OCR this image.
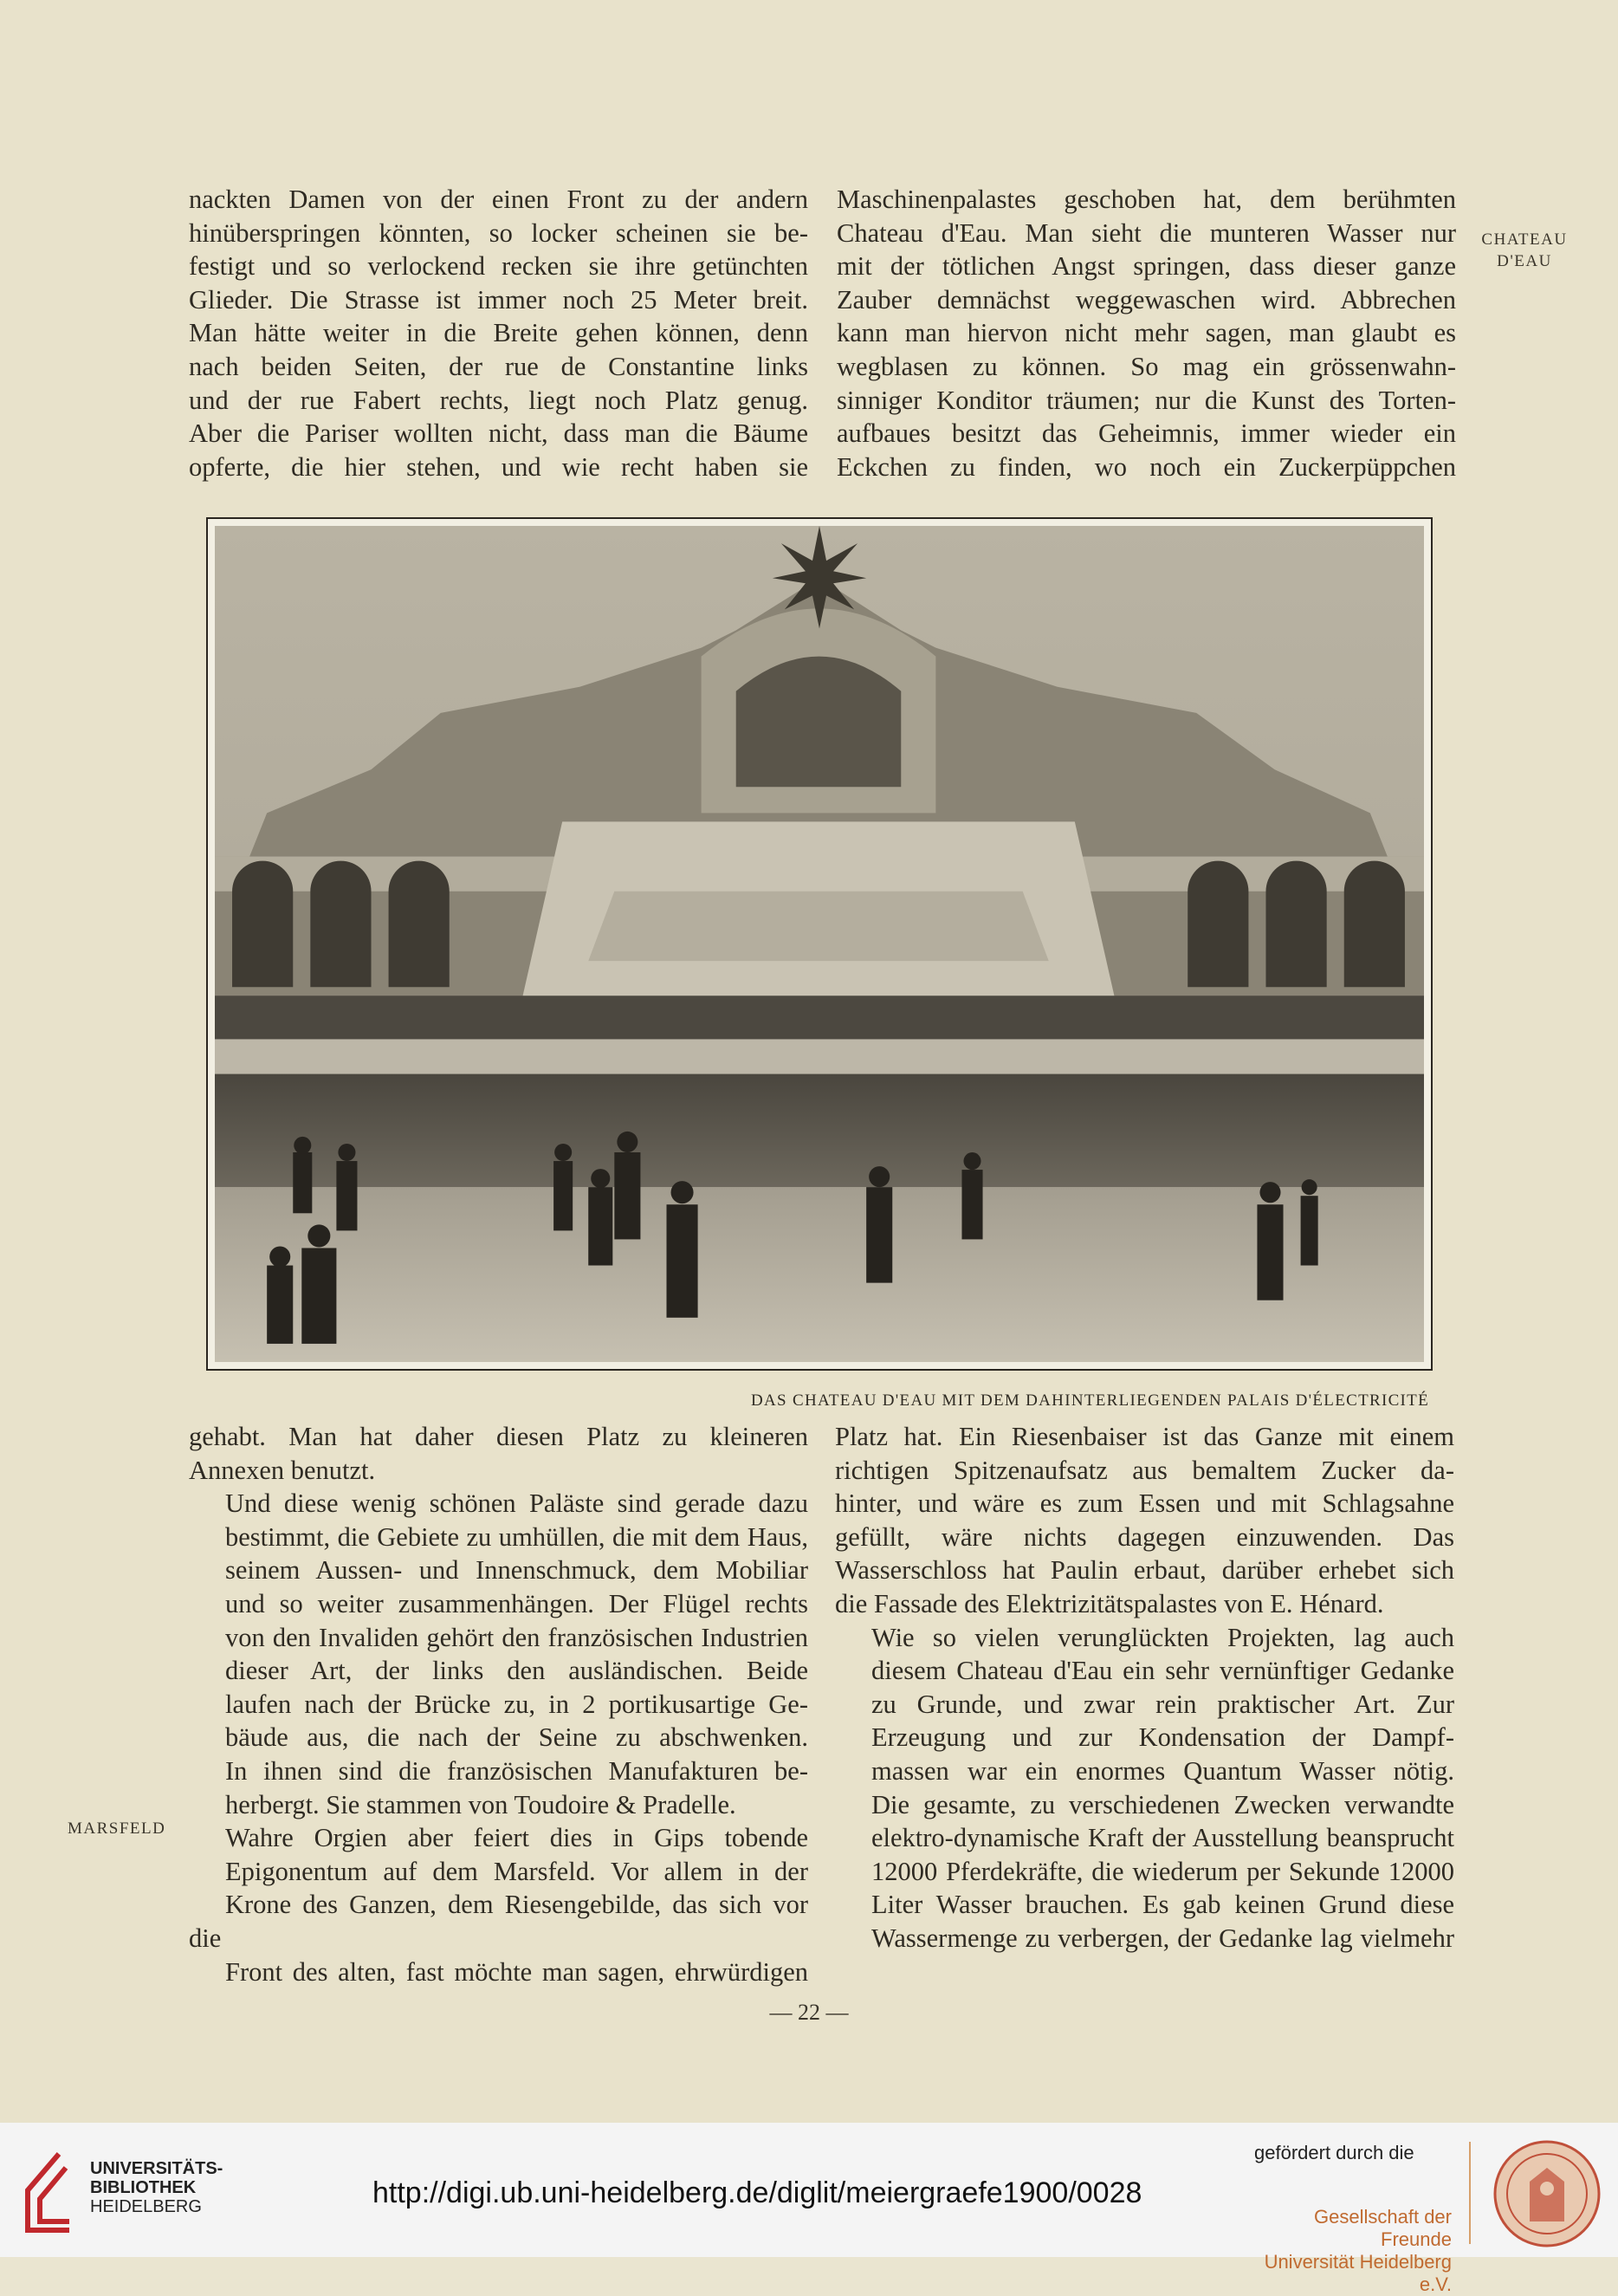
nackten Damen von der einen Front zu der andern
hinüberspringen könnten, so locker scheinen sie be-
festigt und so verlockend recken sie ihre getünchten
Glieder. Die Strasse ist immer noch 25 Meter breit.
Man hätte weiter in die Breite gehen können, denn
nach beiden Seiten, der rue de Constantine links
und der rue Fabert rechts, liegt noch Platz genug.
Aber die Pariser wollten nicht, dass man die Bäume
opferte, die hier stehen, und wie recht haben sie
Maschinenpalastes geschoben hat, dem berühmten
Chateau d'Eau. Man sieht die munteren Wasser nur
mit der tötlichen Angst springen, dass dieser ganze
Zauber demnächst weggewaschen wird. Abbrechen
kann man hiervon nicht mehr sagen, man glaubt es
wegblasen zu können. So mag ein grössenwahn-
sinniger Konditor träumen; nur die Kunst des Torten-
aufbaues besitzt das Geheimnis, immer wieder ein
Eckchen zu finden, wo noch ein Zuckerpüppchen
CHATEAU
D'EAU
DAS CHATEAU D'EAU MIT DEM DAHINTERLIEGENDEN PALAIS D'ÉLECTRICITÉ

gehabt. Man hat daher diesen Platz zu kleineren
Annexen benutzt.

Und diese wenig schönen Paläste sind gerade dazu
bestimmt, die Gebiete zu umhüllen, die mit dem Haus,
seinem Aussen- und Innenschmuck, dem Mobiliar
und so weiter zusammenhängen. Der Flügel rechts
von den Invaliden gehört den französischen Industrien
dieser Art, der links den ausländischen. Beide
laufen nach der Brücke zu, in 2 portikusartige Ge-
bäude aus, die nach der Seine zu abschwenken.
In ihnen sind die französischen Manufakturen be-
herbergt. Sie stammen von Toudoire & Pradelle.

Wahre Orgien aber feiert dies in Gips tobende
Epigonentum auf dem Marsfeld. Vor allem in der
Krone des Ganzen, dem Riesengebilde, das sich vor die
Front des alten, fast möchte man sagen, ehrwürdigen

MARSFELD

Platz hat. Ein Riesenbaiser ist das Ganze mit einem
richtigen Spitzenaufsatz aus bemaltem Zucker da-
hinter, und wäre es zum Essen und mit Schlagsahne
gefüllt, wäre nichts dagegen einzuwenden. Das
Wasserschloss hat Paulin erbaut, darüber erhebet sich
die Fassade des Elektrizitätspalastes von E. Hénard.

Wie so vielen verunglückten Projekten, lag auch
diesem Chateau d'Eau ein sehr vernünftiger Gedanke
zu Grunde, und zwar rein praktischer Art. Zur
Erzeugung und zur Kondensation der Dampf-
massen war ein enormes Quantum Wasser nötig.
Die gesamte, zu verschiedenen Zwecken verwandte
elektro-dynamische Kraft der Ausstellung beansprucht
12000 Pferdekräfte, die wiederum per Sekunde 12000
Liter Wasser brauchen. Es gab keinen Grund diese
Wassermenge zu verbergen, der Gedanke lag vielmehr

— 22 —
UNIVERSITÄTS-
BIBLIOTHEK
HEIDELBERG	http://digi.ub.uni-heidelberg.de/diglit/meiergraefe1900/0028
gefördert durch die
Gesellschaft der Freunde
Universität Heidelberg e.V.
